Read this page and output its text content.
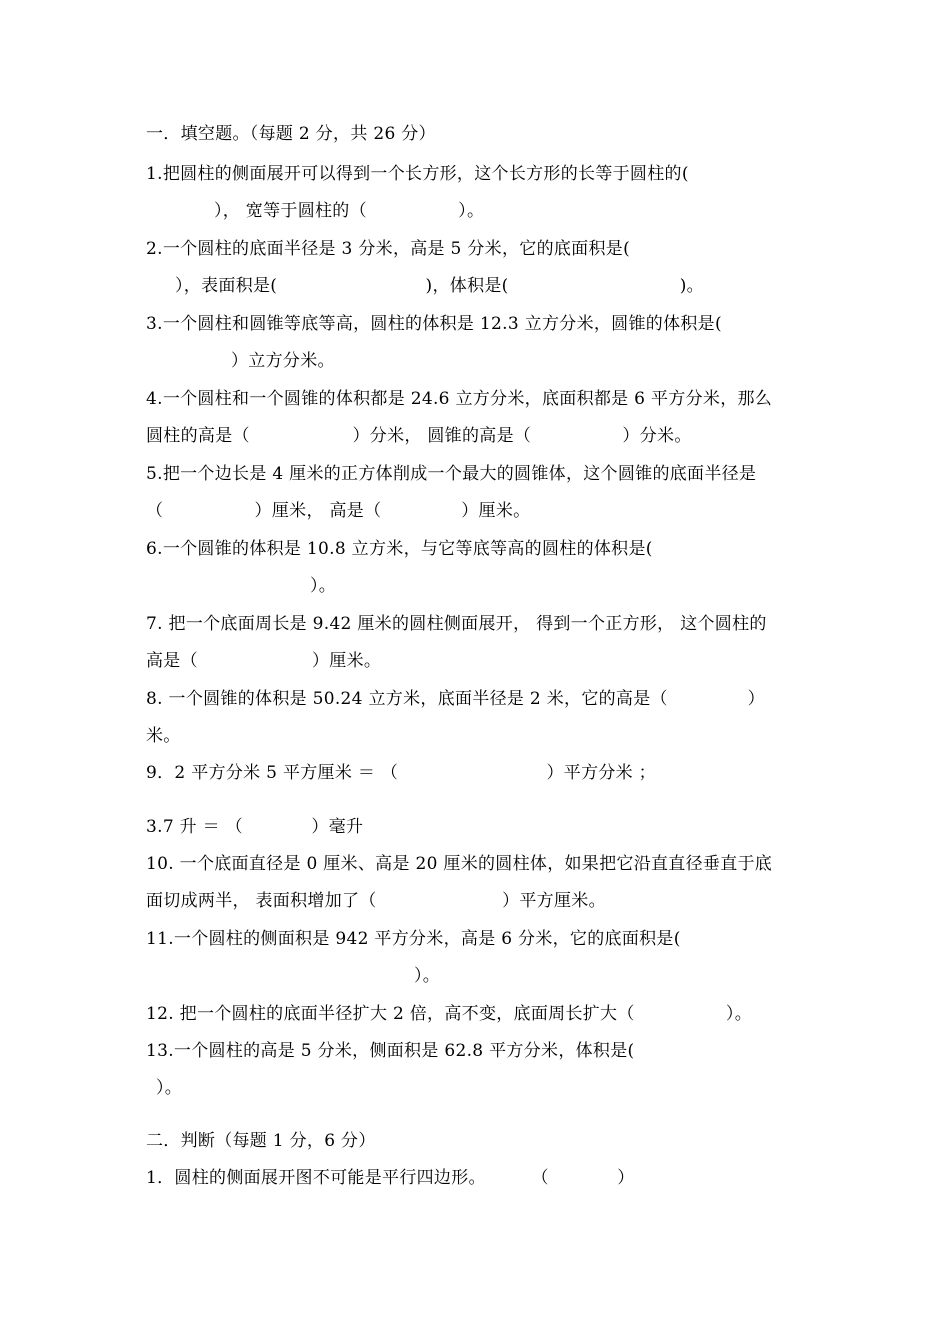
一．填空题。（每题 2 分，共 26 分）
1.把圆柱的侧面展开可以得到一个长方形，这个长方形的长等于圆柱的(
）， 宽等于圆柱的（                ）。
2.一个圆柱的底面半径是 3 分米，高是 5 分米，它的底面积是(
），表面积是(                          )，体积是(                              )。
3.一个圆柱和圆锥等底等高，圆柱的体积是 12.3 立方分米，圆锥的体积是(
）立方分米。
4.一个圆柱和一个圆锥的体积都是 24.6 立方分米，底面积都是 6 平方分米，那么
圆柱的高是（                  ）分米， 圆锥的高是（                ）分米。
5.把一个边长是 4 厘米的正方体削成一个最大的圆锥体，这个圆锥的底面半径是
（                ）厘米， 高是（              ）厘米。
6.一个圆锥的体积是 10.8 立方米，与它等底等高的圆柱的体积是(
）。
7. 把一个底面周长是 9.42 厘米的圆柱侧面展开， 得到一个正方形， 这个圆柱的
高是（                    ）厘米。
8. 一个圆锥的体积是 50.24 立方米，底面半径是 2 米，它的高是（              ）
米。
9．2 平方分米 5 平方厘米 ＝ （                          ）平方分米 ；
3.7 升 ＝ （            ）毫升
10. 一个底面直径是 0 厘米、高是 20 厘米的圆柱体，如果把它沿直直径垂直于底
面切成两半， 表面积增加了（                      ）平方厘米。
11.一个圆柱的侧面积是 942 平方分米，高是 6 分米，它的底面积是(
）。
12. 把一个圆柱的底面半径扩大 2 倍，高不变，底面周长扩大（                ）。
13.一个圆柱的高是 5 分米，侧面积是 62.8 平方分米，体积是(
）。
二．判断（每题 1 分，6 分）
1．圆柱的侧面展开图不可能是平行四边形。        （            ）
